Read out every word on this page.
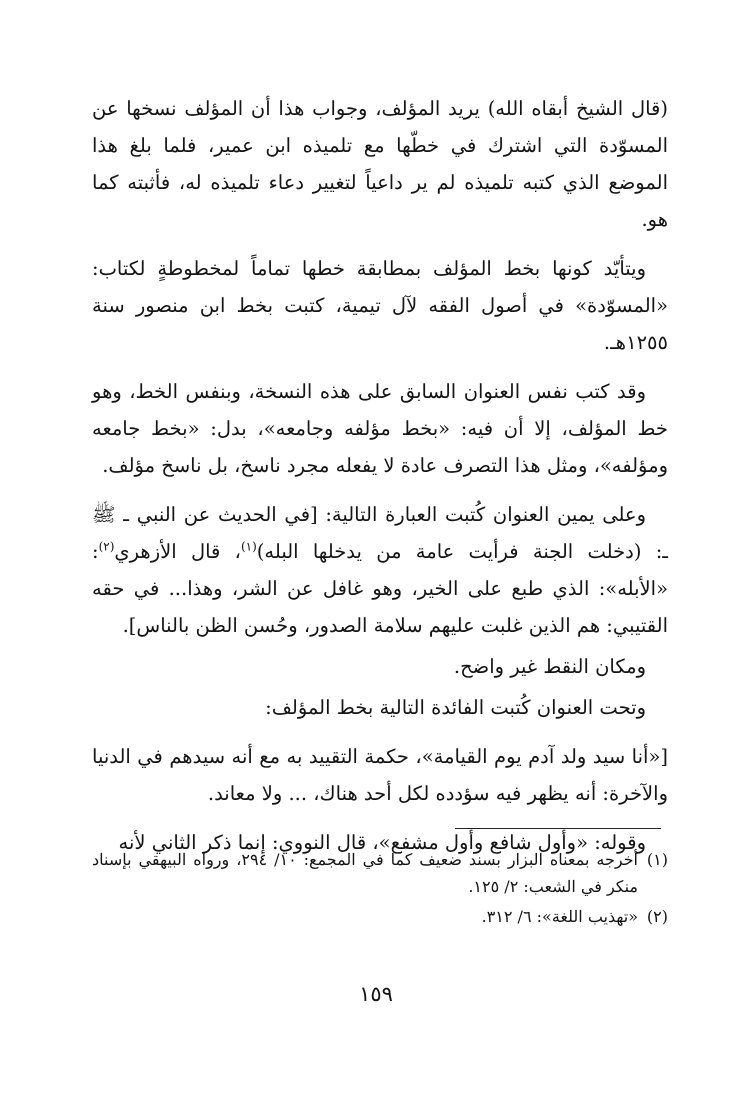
(قال الشيخ أبقاه الله) يريد المؤلف، وجواب هذا أن المؤلف نسخها عن المسوّدة التي اشترك في خطّها مع تلميذه ابن عمير، فلما بلغ هذا الموضع الذي كتبه تلميذه لم ير داعياً لتغيير دعاء تلميذه له، فأثبته كما هو.

ويتأيّد كونها بخط المؤلف بمطابقة خطها تماماً لمخطوطةٍ لكتاب: «المسوّدة» في أصول الفقه لآل تيمية، كتبت بخط ابن منصور سنة ١٢٥٥هـ.

وقد كتب نفس العنوان السابق على هذه النسخة، وبنفس الخط، وهو خط المؤلف، إلا أن فيه: «بخط مؤلفه وجامعه»، بدل: «بخط جامعه ومؤلفه»، ومثل هذا التصرف عادة لا يفعله مجرد ناسخ، بل ناسخ مؤلف.

وعلى يمين العنوان كُتبت العبارة التالية: [في الحديث عن النبي ـ ﷺ ـ: (دخلت الجنة فرأيت عامة من يدخلها البله)$^{(١)}$، قال الأزهري$^{(٢)}$: «الأبله»: الذي طبع على الخير، وهو غافل عن الشر، وهذا... في حقه القتيبي: هم الذين غلبت عليهم سلامة الصدور، وحُسن الظن بالناس].

ومكان النقط غير واضح.

وتحت العنوان كُتبت الفائدة التالية بخط المؤلف:

[«أنا سيد ولد آدم يوم القيامة»، حكمة التقييد به مع أنه سيدهم في الدنيا والآخرة: أنه يظهر فيه سؤدده لكل أحد هناك، ... ولا معاند.

وقوله: «وأول شافع وأول مشفع»، قال النووي: إنما ذكر الثاني لأنه

(١)
أخرجه بمعناه البزار بسند ضعيف كما في المجمع: ١٠/ ٢٩٤، ورواه البيهقي بإسناد منكر في الشعب: ٢/ ١٢٥.
(٢)
«تهذيب اللغة»: ٦/ ٣١٢.
١٥٩
